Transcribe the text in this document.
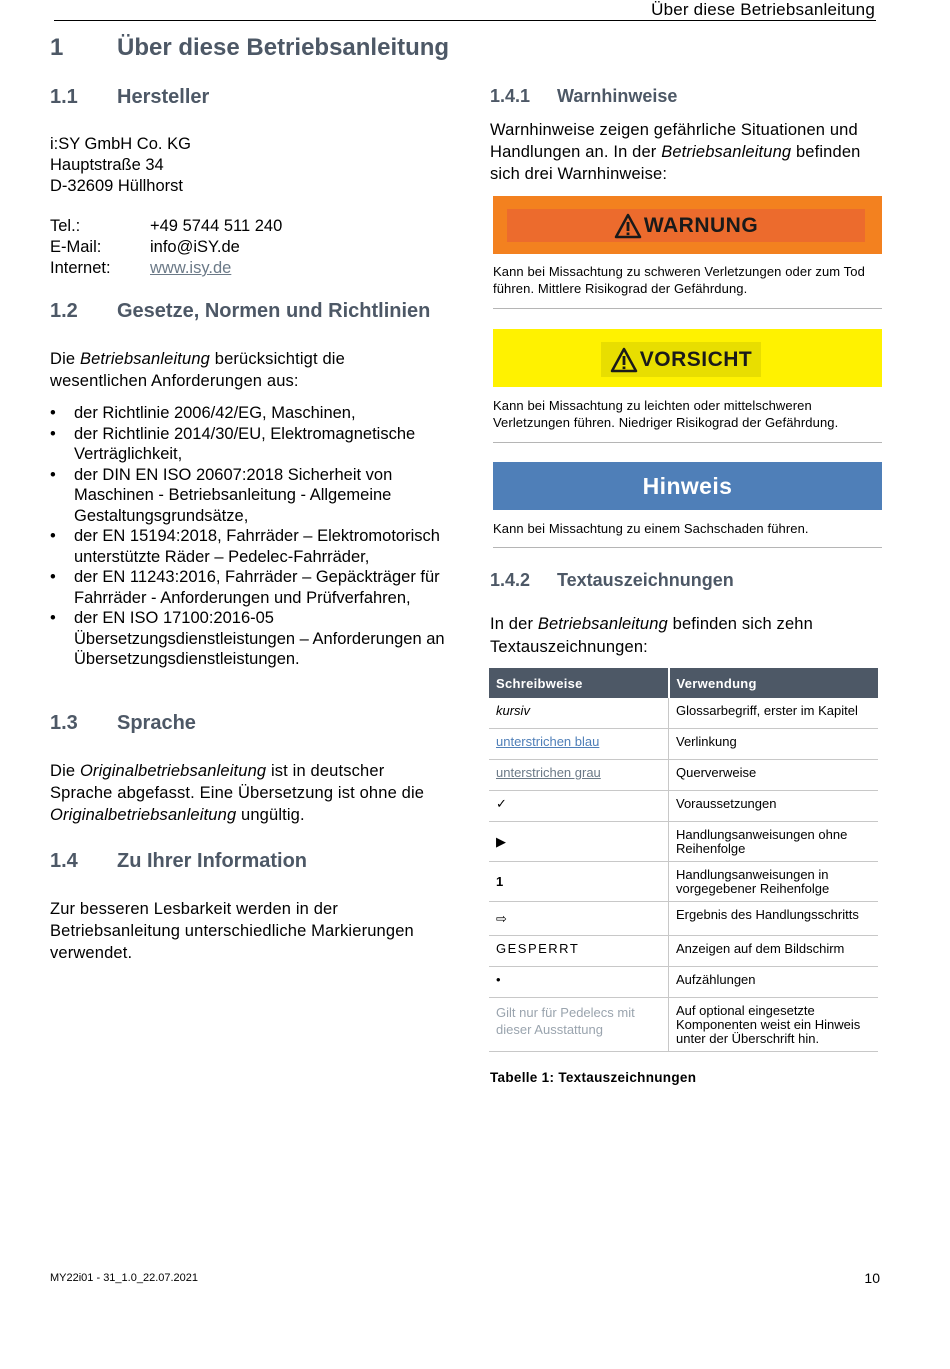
Über diese Betriebsanleitung
1 Über diese Betriebsanleitung
1.1 Hersteller
i:SY GmbH Co. KG
Hauptstraße 34
D-32609 Hüllhorst
Tel.:	+49 5744 511 240
E-Mail:	info@iSY.de
Internet:	www.isy.de
1.2 Gesetze, Normen und Richtlinien
Die Betriebsanleitung berücksichtigt die wesentlichen Anforderungen aus:
• der Richtlinie 2006/42/EG, Maschinen,
• der Richtlinie 2014/30/EU, Elektromagnetische Verträglichkeit,
• der DIN EN ISO 20607:2018 Sicherheit von Maschinen - Betriebsanleitung - Allgemeine Gestaltungsgrundsätze,
• der EN 15194:2018, Fahrräder – Elektromotorisch unterstützte Räder – Pedelec-Fahrräder,
• der EN 11243:2016, Fahrräder – Gepäckträger für Fahrräder - Anforderungen und Prüfverfahren,
• der EN ISO 17100:2016-05 Übersetzungsdienstleistungen – Anforderungen an Übersetzungsdienstleistungen.
1.3 Sprache
Die Originalbetriebsanleitung ist in deutscher Sprache abgefasst. Eine Übersetzung ist ohne die Originalbetriebsanleitung ungültig.
1.4 Zu Ihrer Information
Zur besseren Lesbarkeit werden in der Betriebsanleitung unterschiedliche Markierungen verwendet.
1.4.1 Warnhinweise
Warnhinweise zeigen gefährliche Situationen und Handlungen an. In der Betriebsanleitung befinden sich drei Warnhinweise:
WARNUNG
Kann bei Missachtung zu schweren Verletzungen oder zum Tod führen. Mittlere Risikograd der Gefährdung.
VORSICHT
Kann bei Missachtung zu leichten oder mittelschweren Verletzungen führen. Niedriger Risikograd der Gefährdung.
Hinweis
Kann bei Missachtung zu einem Sachschaden führen.
1.4.2 Textauszeichnungen
In der Betriebsanleitung befinden sich zehn Textauszeichnungen:
Schreibweise	Verwendung
kursiv	Glossarbegriff, erster im Kapitel
unterstrichen blau	Verlinkung
unterstrichen grau	Querverweise
✓	Voraussetzungen
▶	Handlungsanweisungen ohne Reihenfolge
1	Handlungsanweisungen in vorgegebener Reihenfolge
⇨	Ergebnis des Handlungsschritts
GESPERRT	Anzeigen auf dem Bildschirm
•	Aufzählungen
Gilt nur für Pedelecs mit dieser Ausstattung	Auf optional eingesetzte Komponenten weist ein Hinweis unter der Überschrift hin.
Tabelle 1: Textauszeichnungen
MY22i01 - 31_1.0_22.07.2021	10
